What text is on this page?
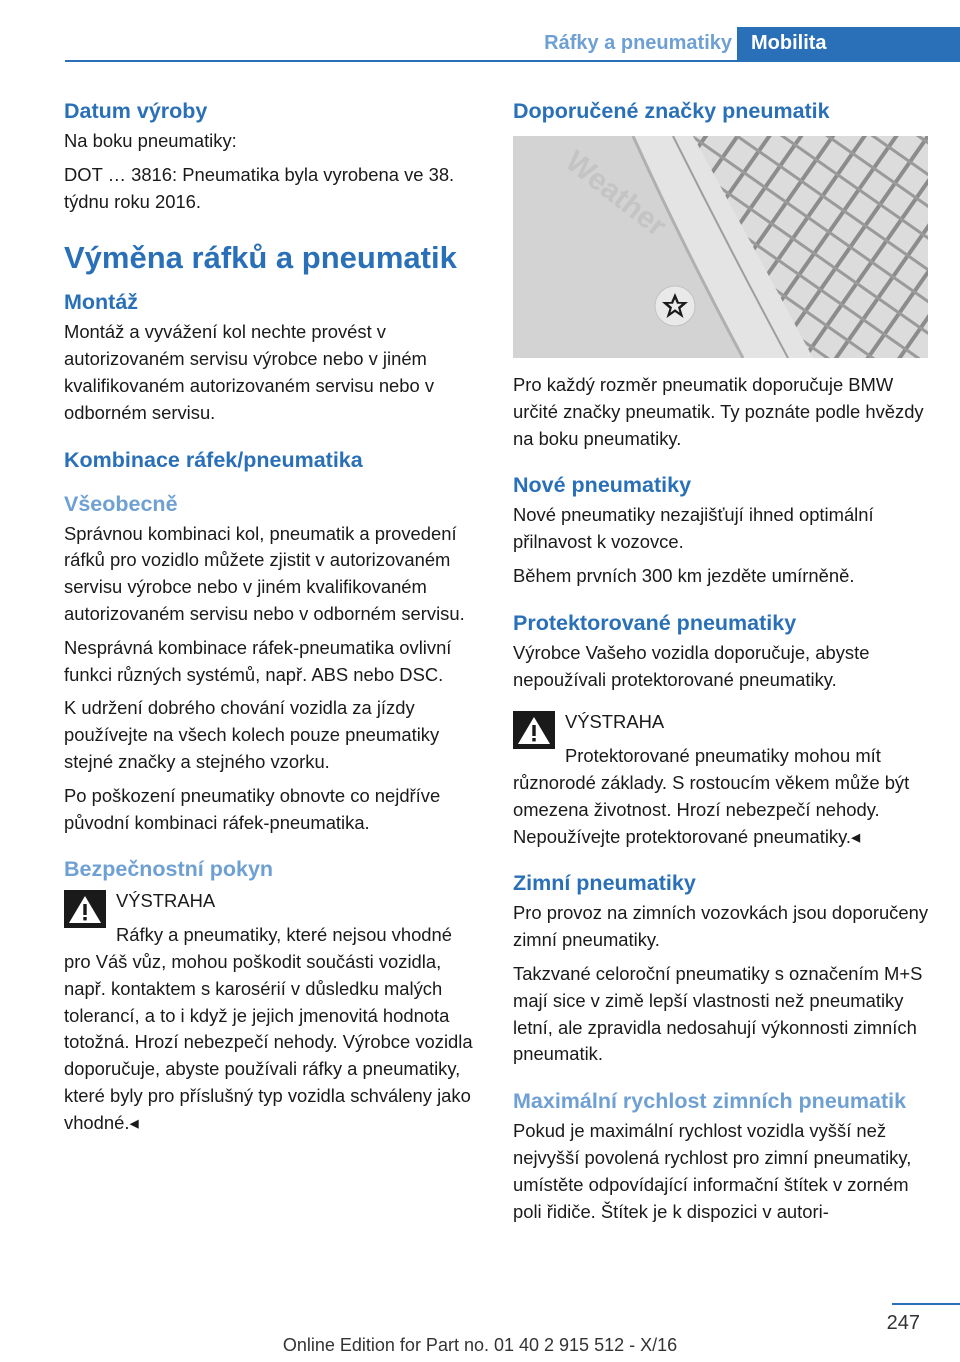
Ráfky a pneumatiky Mobilita
Datum výroby

Na boku pneumatiky:

DOT … 3816: Pneumatika byla vyrobena ve 38. týdnu roku 2016.

Výměna ráfků a pneumatik
Montáž

Montáž a vyvážení kol nechte provést v autorizovaném servisu výrobce nebo v jiném kvalifikovaném autorizovaném servisu nebo v odborném servisu.

Kombinace ráfek/pneumatika
Všeobecně

Správnou kombinaci kol, pneumatik a provedení ráfků pro vozidlo můžete zjistit v autorizovaném servisu výrobce nebo v jiném kvalifikovaném autorizovaném servisu nebo v odborném servisu.

Nesprávná kombinace ráfek-pneumatika ovlivní funkci různých systémů, např. ABS nebo DSC.

K udržení dobrého chování vozidla za jízdy používejte na všech kolech pouze pneumatiky stejné značky a stejného vzorku.

Po poškození pneumatiky obnovte co nejdříve původní kombinaci ráfek-pneumatika.

Bezpečnostní pokyn

VÝSTRAHA

Ráfky a pneumatiky, které nejsou vhodné pro Váš vůz, mohou poškodit součásti vozidla, např. kontaktem s karosérií v důsledku malých tolerancí, a to i když je jejich jmenovitá hodnota totožná. Hrozí nebezpečí nehody. Výrobce vozidla doporučuje, abyste používali ráfky a pneumatiky, které byly pro příslušný typ vozidla schváleny jako vhodné.◂

Doporučené značky pneumatik
Weather

Pro každý rozměr pneumatik doporučuje BMW určité značky pneumatik. Ty poznáte podle hvězdy na boku pneumatiky.

Nové pneumatiky

Nové pneumatiky nezajišťují ihned optimální přilnavost k vozovce.

Během prvních 300 km jezděte umírněně.

Protektorované pneumatiky

Výrobce Vašeho vozidla doporučuje, abyste nepoužívali protektorované pneumatiky.

VÝSTRAHA

Protektorované pneumatiky mohou mít různorodé základy. S rostoucím věkem může být omezena životnost. Hrozí nebezpečí nehody. Nepoužívejte protektorované pneumatiky.◂

Zimní pneumatiky

Pro provoz na zimních vozovkách jsou doporučeny zimní pneumatiky.

Takzvané celoroční pneumatiky s označením M+S mají sice v zimě lepší vlastnosti než pneumatiky letní, ale zpravidla nedosahují výkonnosti zimních pneumatik.

Maximální rychlost zimních pneumatik

Pokud je maximální rychlost vozidla vyšší než nejvyšší povolená rychlost pro zimní pneumatiky, umístěte odpovídající informační štítek v zorném poli řidiče. Štítek je k dispozici v autori-

247
Online Edition for Part no. 01 40 2 915 512 - X/16
